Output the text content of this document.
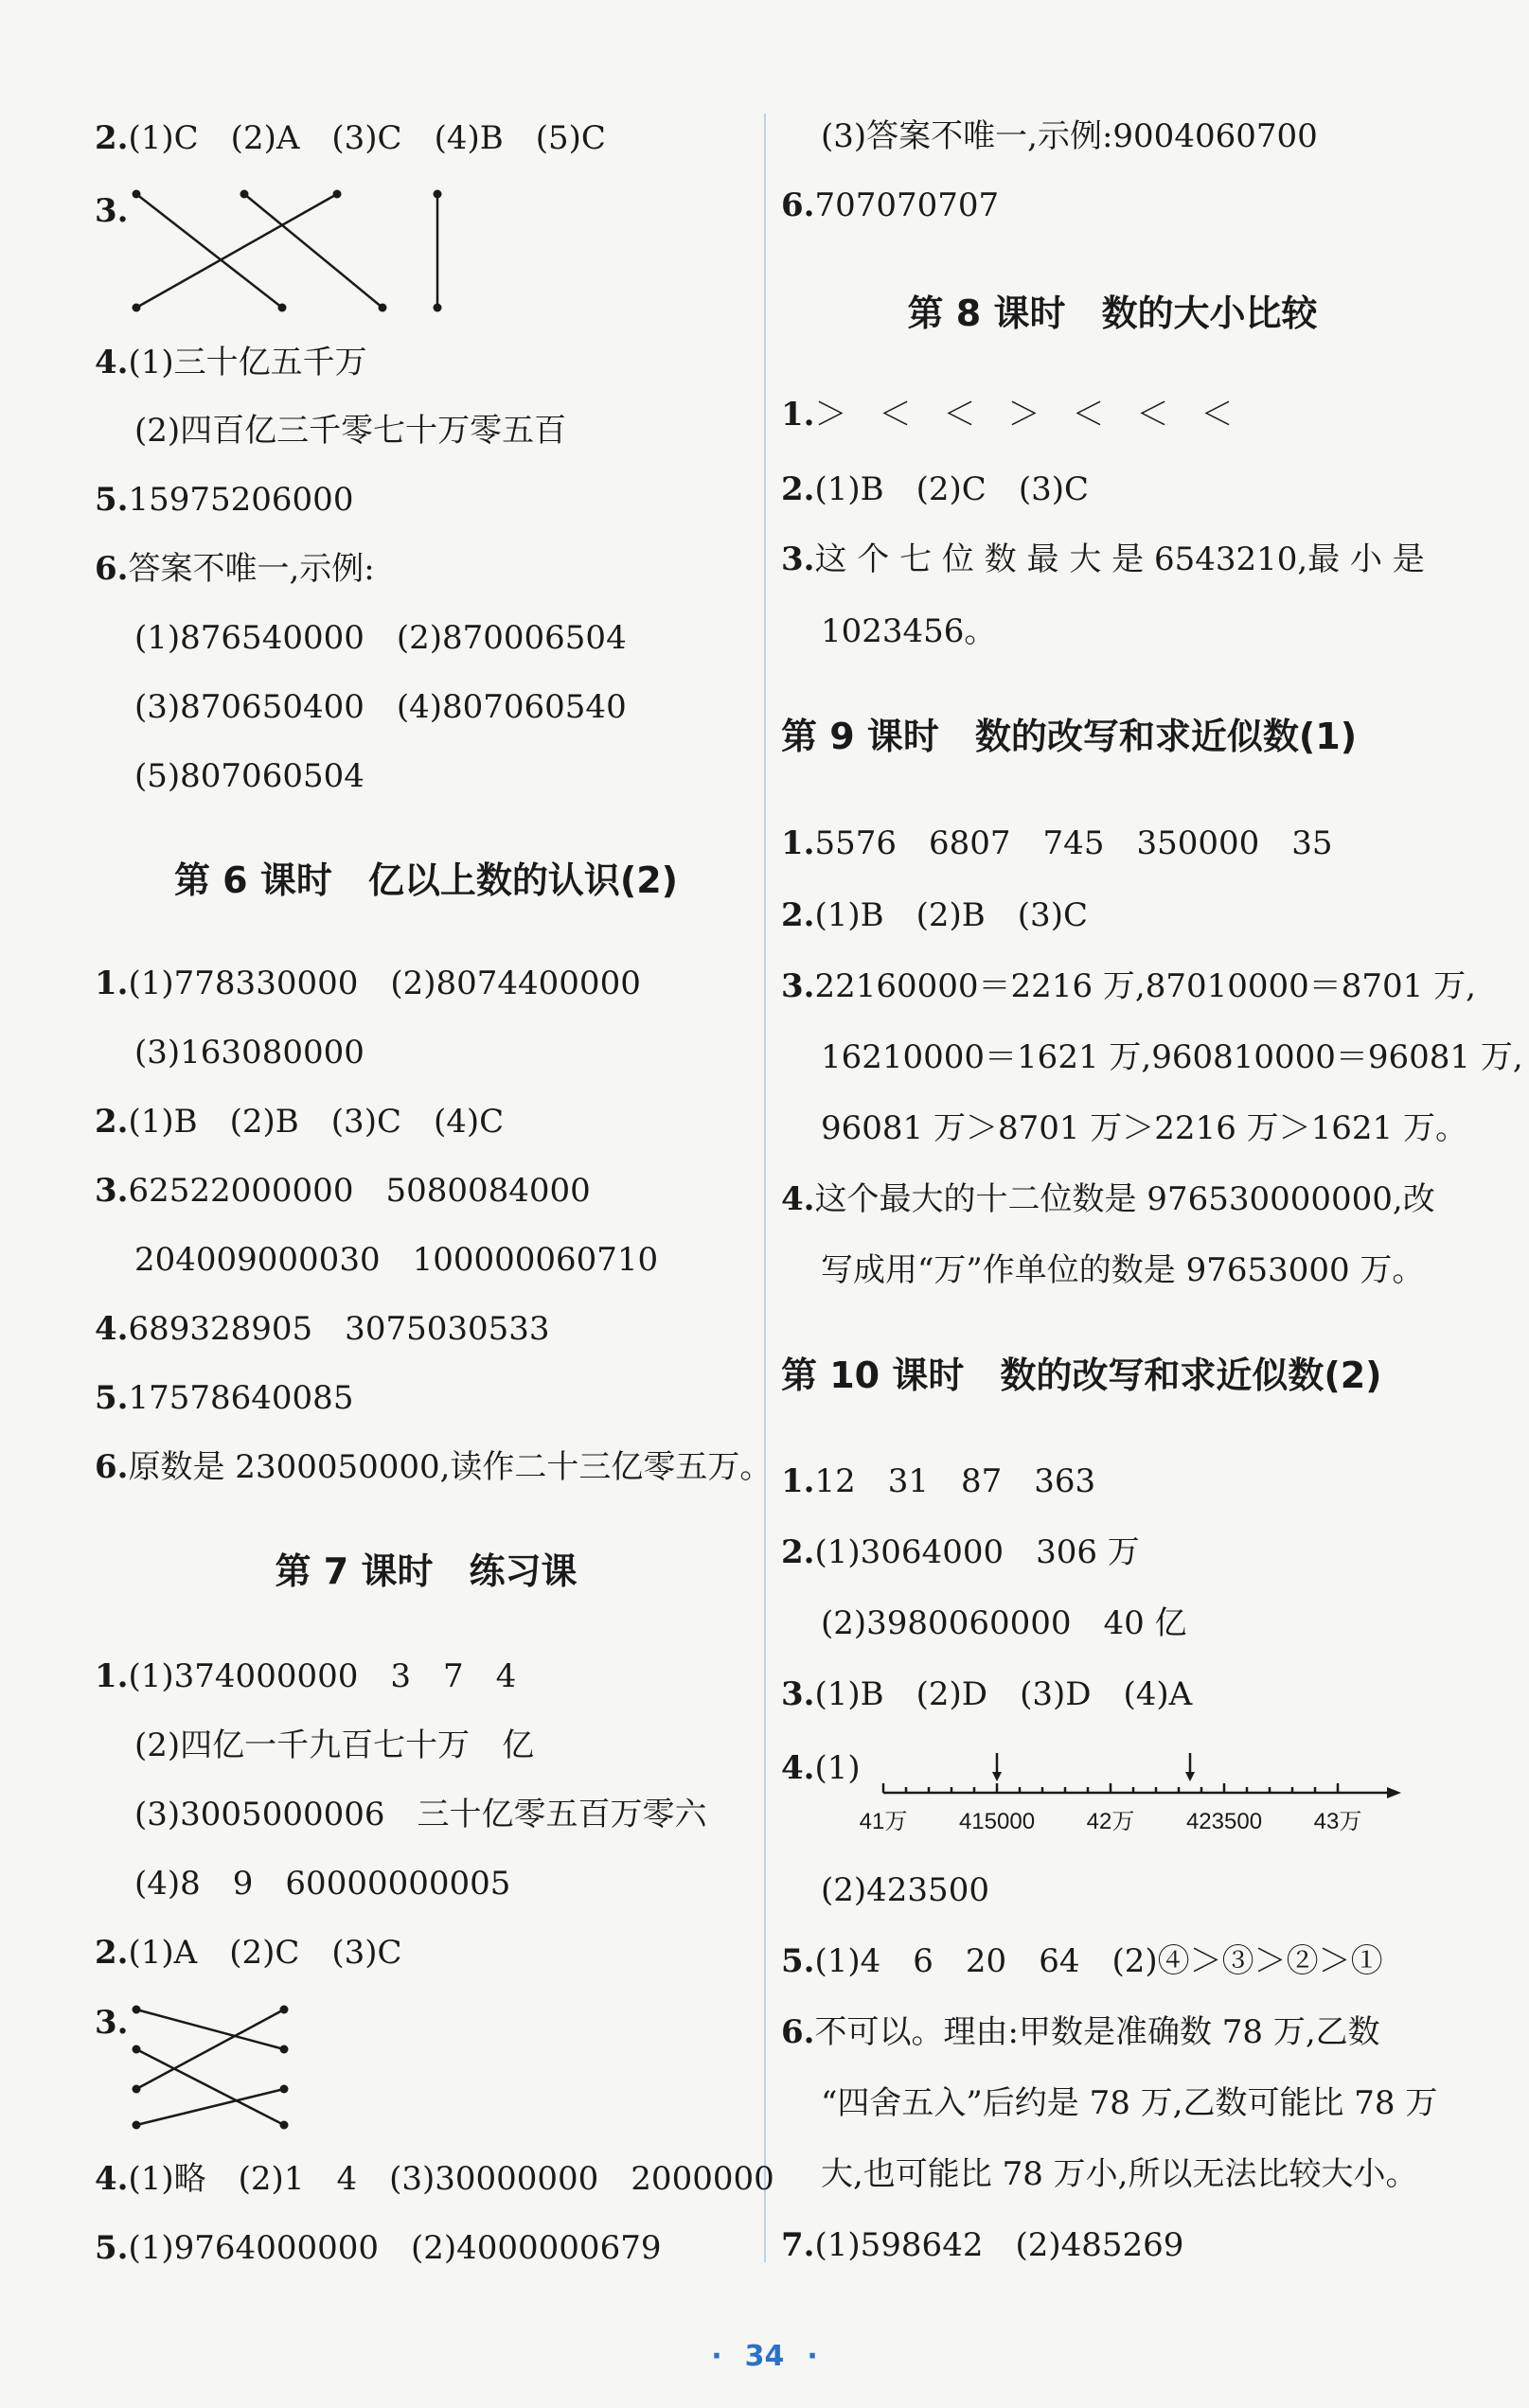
2.(1)C　(2)A　(3)C　(4)B　(5)C
3.
4.(1)三十亿五千万
(2)四百亿三千零七十万零五百
5.15975206000
6.答案不唯一,示例:
(1)876540000　(2)870006504
(3)870650400　(4)807060540
(5)807060504
第 6 课时　亿以上数的认识(2)
1.(1)778330000　(2)8074400000
(3)163080000
2.(1)B　(2)B　(3)C　(4)C
3.62522000000　5080084000
204009000030　100000060710
4.689328905　3075030533
5.17578640085
6.原数是 2300050000,读作二十三亿零五万。
第 7 课时　练习课
1.(1)374000000　3　7　4
(2)四亿一千九百七十万　亿
(3)3005000006　三十亿零五百万零六
(4)8　9　60000000005
2.(1)A　(2)C　(3)C
3.
4.(1)略　(2)1　4　(3)30000000　2000000
5.(1)9764000000　(2)4000000679
(3)答案不唯一,示例:9004060700
6.707070707
第 8 课时　数的大小比较
1.＞　＜　＜　＞　＜　＜　＜
2.(1)B　(2)C　(3)C
3.这 个 七 位 数 最 大 是 6543210,最 小 是
1023456。
第 9 课时　数的改写和求近似数(1)
1.5576　6807　745　350000　35
2.(1)B　(2)B　(3)C
3.22160000＝2216 万,87010000＝8701 万,
16210000＝1621 万,960810000＝96081 万,
96081 万＞8701 万＞2216 万＞1621 万。
4.这个最大的十二位数是 976530000000,改
写成用“万”作单位的数是 97653000 万。
第 10 课时　数的改写和求近似数(2)
1.12　31　87　363
2.(1)3064000　306 万
(2)3980060000　40 亿
3.(1)B　(2)D　(3)D　(4)A
4.(1)
41万 415000 42万 423500 43万
(2)423500
5.(1)4　6　20　64　(2)④＞③＞②＞①
6.不可以。理由:甲数是准确数 78 万,乙数
“四舍五入”后约是 78 万,乙数可能比 78 万
大,也可能比 78 万小,所以无法比较大小。
7.(1)598642　(2)485269
· 34 ·
